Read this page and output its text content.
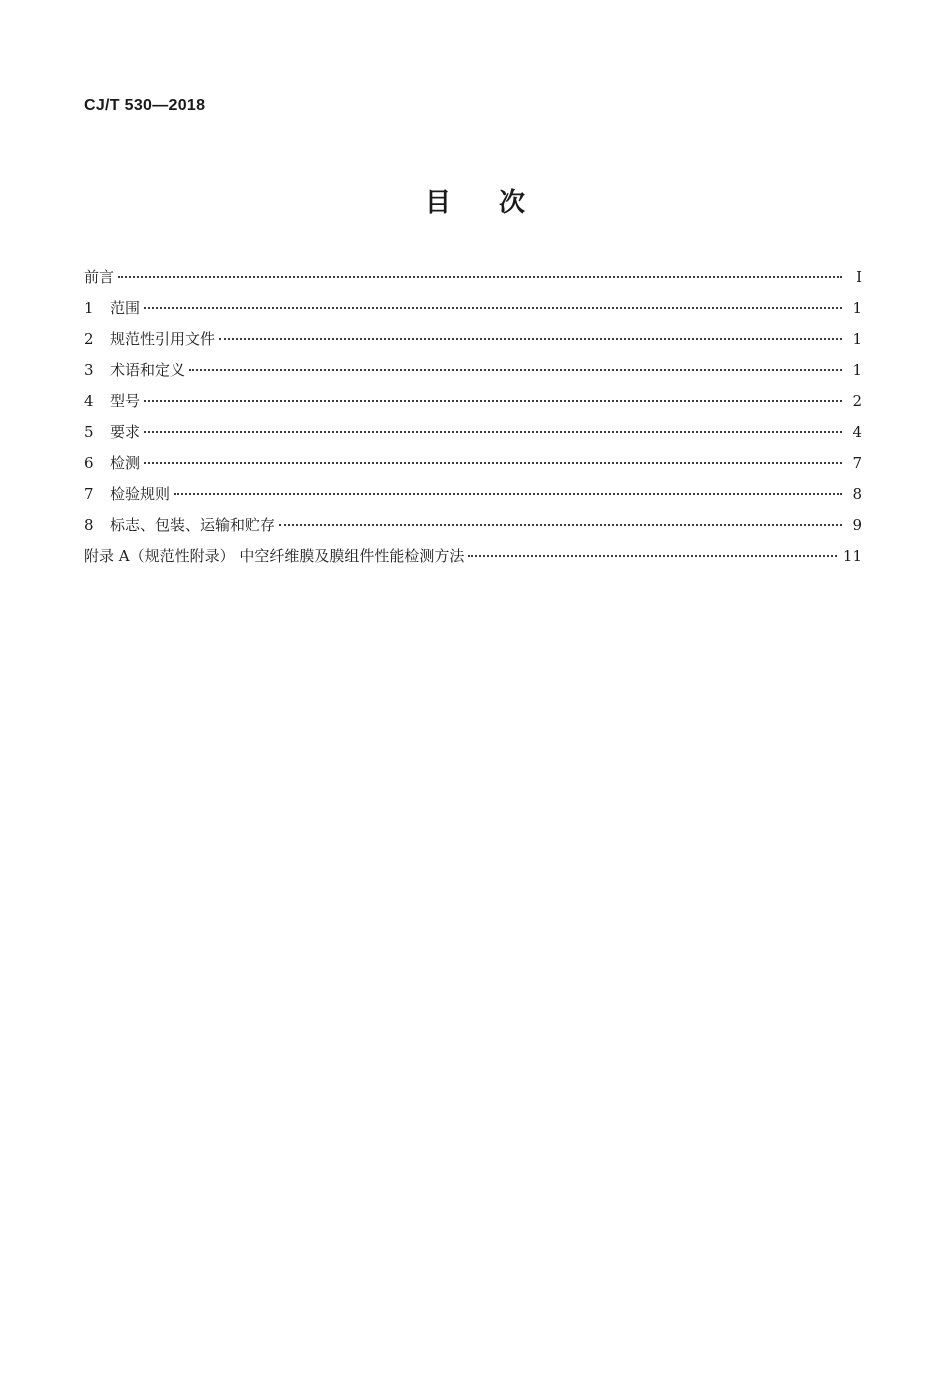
CJ/T 530—2018
目次
前言	Ⅰ
1	范围	1
2	规范性引用文件	1
3	术语和定义	1
4	型号	2
5	要求	4
6	检测	7
7	检验规则	8
8	标志、包装、运输和贮存	9
附录 A（规范性附录） 中空纤维膜及膜组件性能检测方法	11
